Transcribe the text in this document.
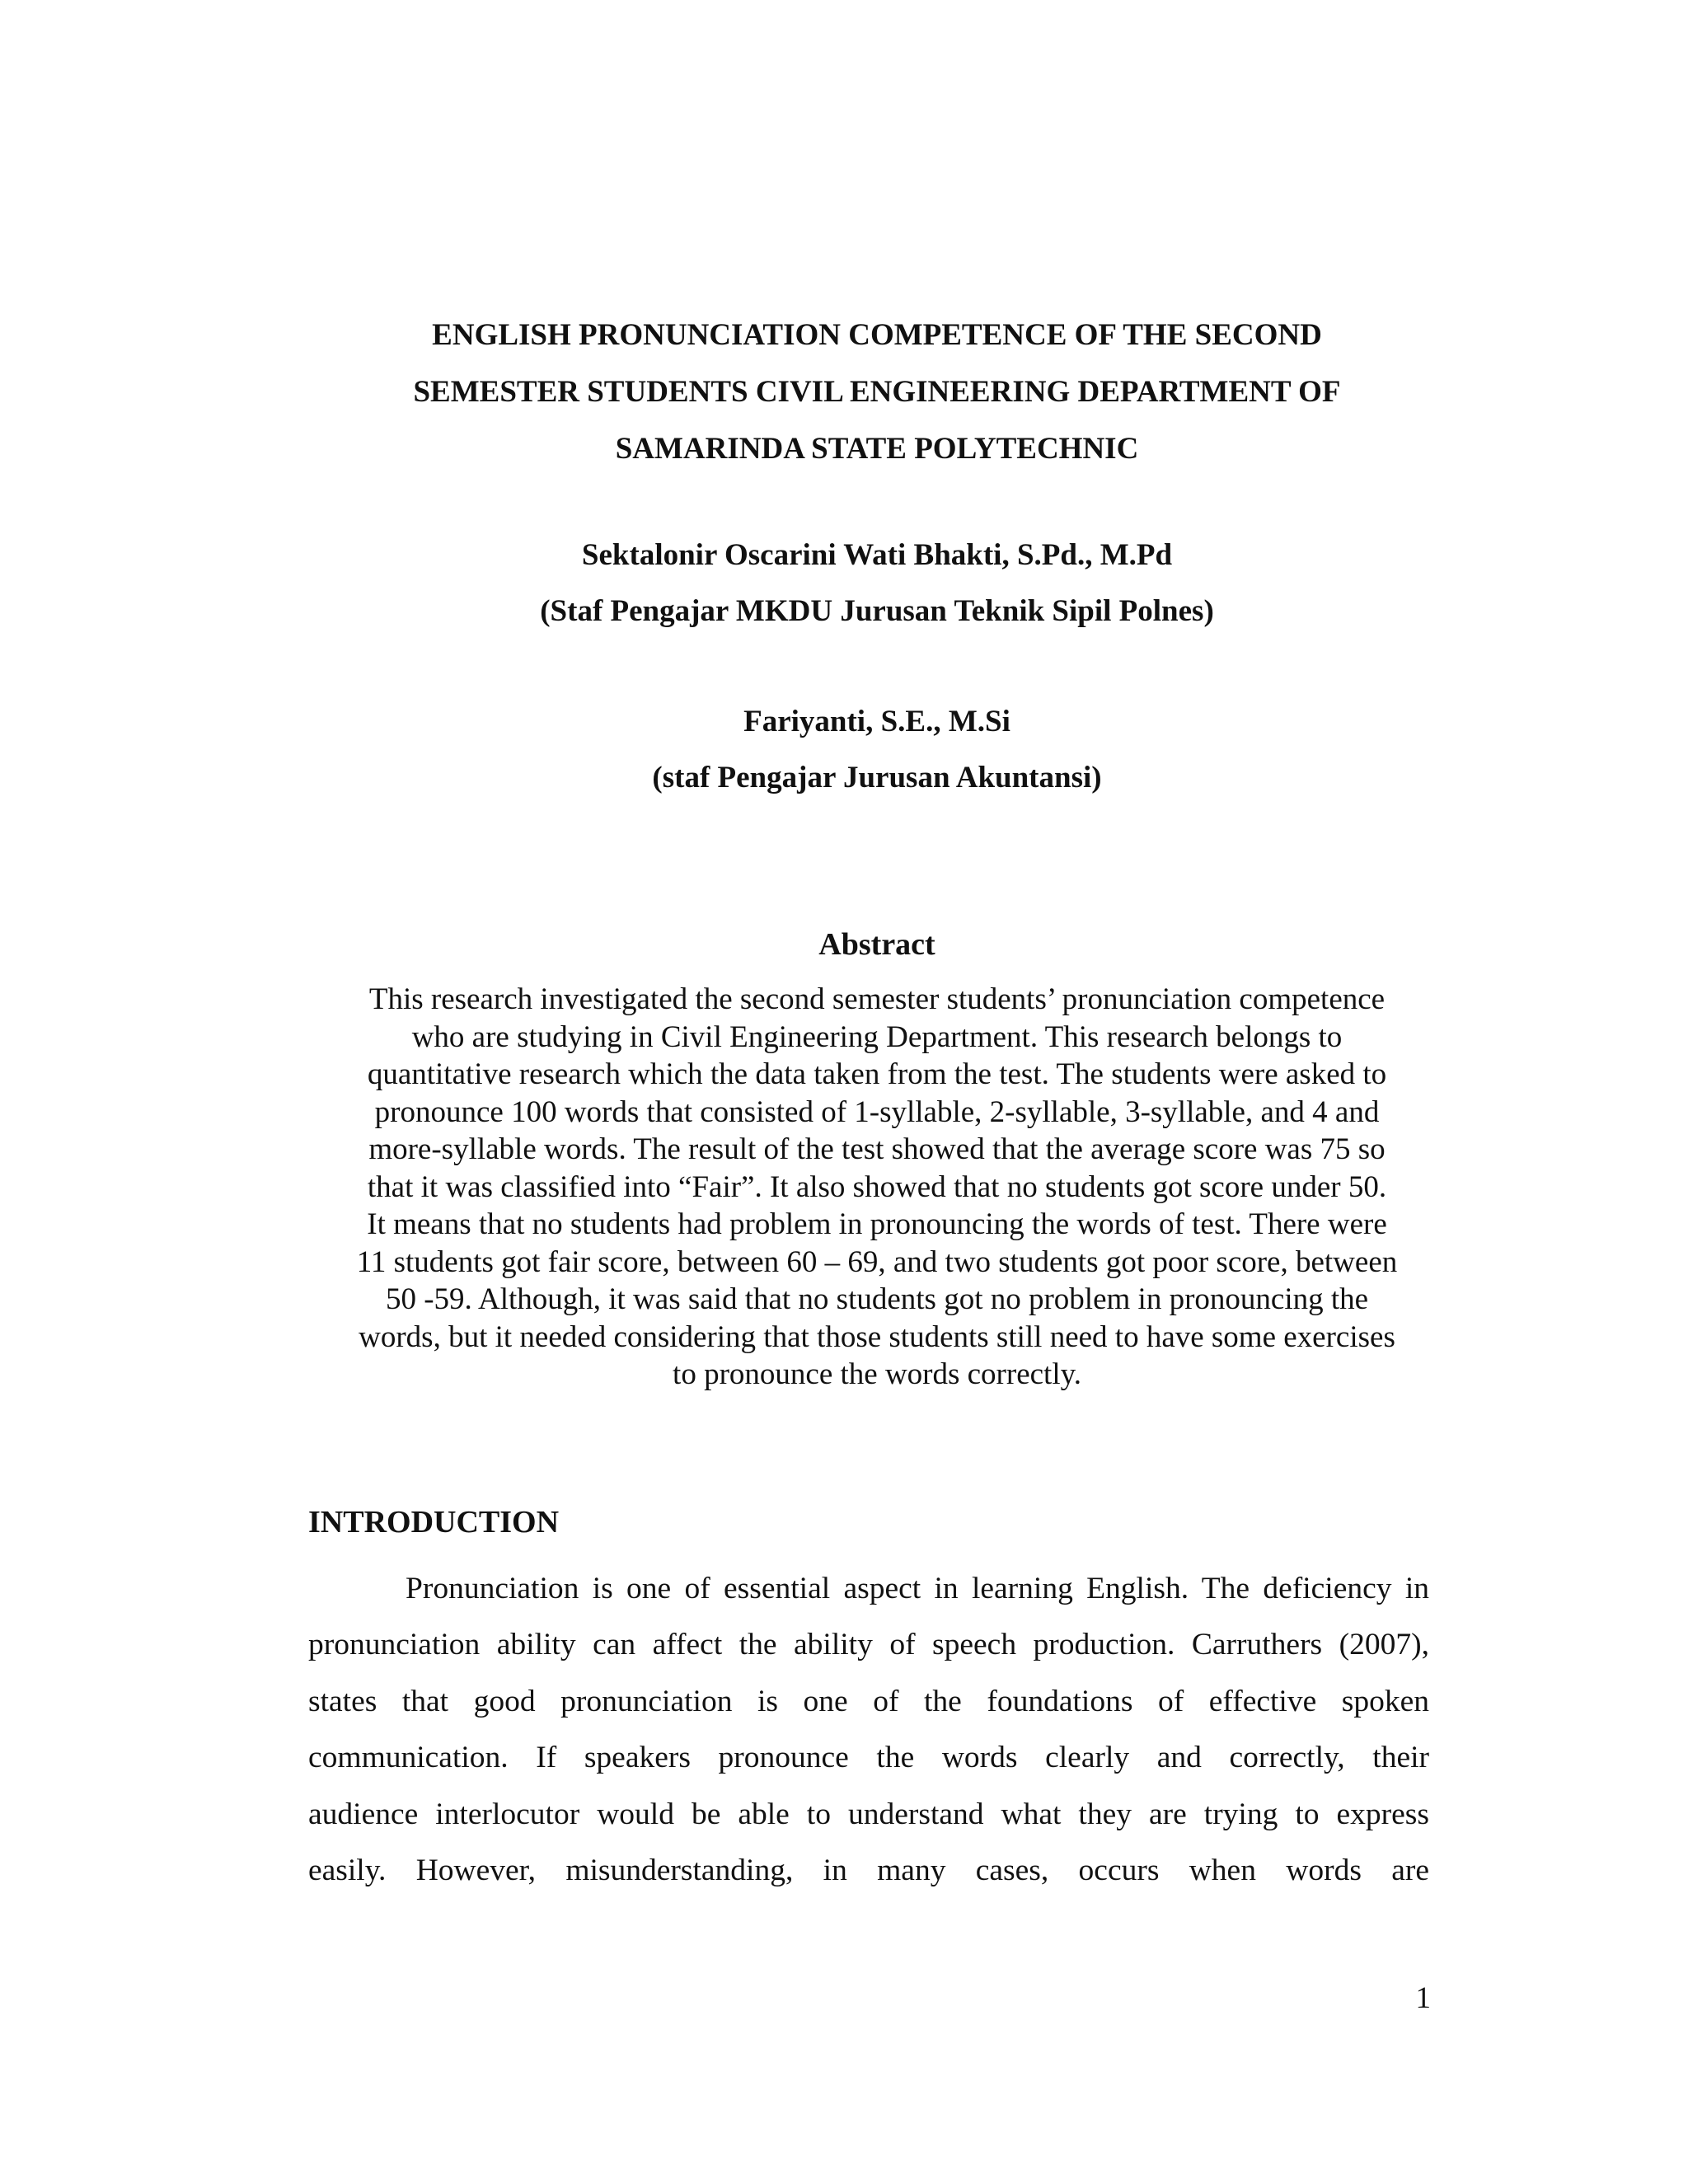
ENGLISH PRONUNCIATION COMPETENCE OF THE SECOND
SEMESTER STUDENTS CIVIL ENGINEERING DEPARTMENT OF
SAMARINDA STATE POLYTECHNIC
Sektalonir Oscarini Wati Bhakti, S.Pd., M.Pd
(Staf Pengajar MKDU Jurusan Teknik Sipil Polnes)
Fariyanti, S.E., M.Si
(staf Pengajar Jurusan Akuntansi)
Abstract
This research investigated the second semester students’ pronunciation competence
who are studying in Civil Engineering Department. This research belongs to
quantitative research which the data taken from the test. The students were asked to
pronounce 100 words that consisted of 1-syllable, 2-syllable, 3-syllable, and 4 and
more-syllable words. The result of the test showed that the average score was 75 so
that it was classified into “Fair”. It also showed that no students got score under 50.
It means that no students had problem in pronouncing the words of test. There were
11 students got fair score, between 60 – 69, and two students got poor score, between
50 -59. Although, it was said that no students got no problem in pronouncing the
words, but it needed considering that those students still need to have some exercises
to pronounce the words correctly.
INTRODUCTION
Pronunciation is one of essential aspect in learning English. The deficiency in
pronunciation ability can affect the ability of speech production. Carruthers (2007),
states that good pronunciation is one of the foundations of effective spoken
communication. If speakers pronounce the words clearly and correctly, their
audience interlocutor would be able to understand what they are trying to express
easily. However, misunderstanding, in many cases, occurs when words are
1
